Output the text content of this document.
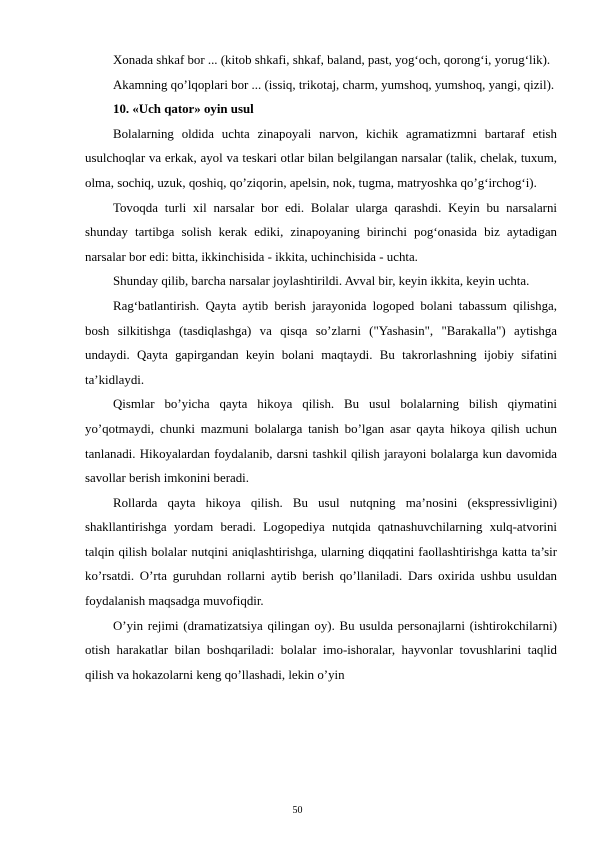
Xonada shkaf bor ... (kitob shkafi, shkaf, baland, past, yog‘och, qorong‘i, yorug‘lik).

Akamning qo’lqoplari bor ... (issiq, trikotaj, charm, yumshoq, yumshoq, yangi, qizil).

10. «Uch qator» oyin usul

Bolalarning oldida uchta zinapoyali narvon, kichik agramatizmni bartaraf etish usulchoqlar va erkak, ayol va teskari otlar bilan belgilangan narsalar (talik, chelak, tuxum, olma, sochiq, uzuk, qoshiq, qo’ziqorin, apelsin, nok, tugma, matryoshka qo’g‘irchog‘i).

Tovoqda turli xil narsalar bor edi. Bolalar ularga qarashdi. Keyin bu narsalarni shunday tartibga solish kerak ediki, zinapoyaning birinchi pog‘onasida biz aytadigan narsalar bor edi: bitta, ikkinchisida - ikkita, uchinchisida - uchta.

Shunday qilib, barcha narsalar joylashtirildi. Avval bir, keyin ikkita, keyin uchta.

Rag‘batlantirish. Qayta aytib berish jarayonida logoped bolani tabassum qilishga, bosh silkitishga (tasdiqlashga) va qisqa so’zlarni ("Yashasin", "Barakalla") aytishga undaydi. Qayta gapirgandan keyin bolani maqtaydi. Bu takrorlashning ijobiy sifatini ta’kidlaydi.

Qismlar bo’yicha qayta hikoya qilish. Bu usul bolalarning bilish qiymatini yo’qotmaydi, chunki mazmuni bolalarga tanish bo’lgan asar qayta hikoya qilish uchun tanlanadi. Hikoyalardan foydalanib, darsni tashkil qilish jarayoni bolalarga kun davomida savollar berish imkonini beradi.

Rollarda qayta hikoya qilish. Bu usul nutqning ma’nosini (ekspressivligini) shakllantirishga yordam beradi. Logopediya nutqida qatnashuvchilarning xulq-atvorini talqin qilish bolalar nutqini aniqlashtirishga, ularning diqqatini faollashtirishga katta ta’sir ko’rsatdi. O’rta guruhdan rollarni aytib berish qo’llaniladi. Dars oxirida ushbu usuldan foydalanish maqsadga muvofiqdir.

O’yin rejimi (dramatizatsiya qilingan oy). Bu usulda personajlarni (ishtirokchilarni) otish harakatlar bilan boshqariladi: bolalar imo-ishoralar, hayvonlar tovushlarini taqlid qilish va hokazolarni keng qo’llashadi, lekin o’yin

50
